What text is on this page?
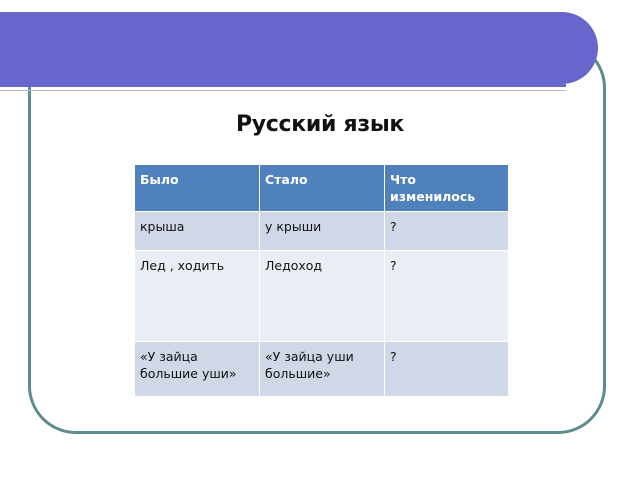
Русский язык
Было	Стало	Что изменилось
крыша	у крыши	?
Лед , ходить	Ледоход	?
«У зайца большие уши»	«У зайца уши большие»	?
